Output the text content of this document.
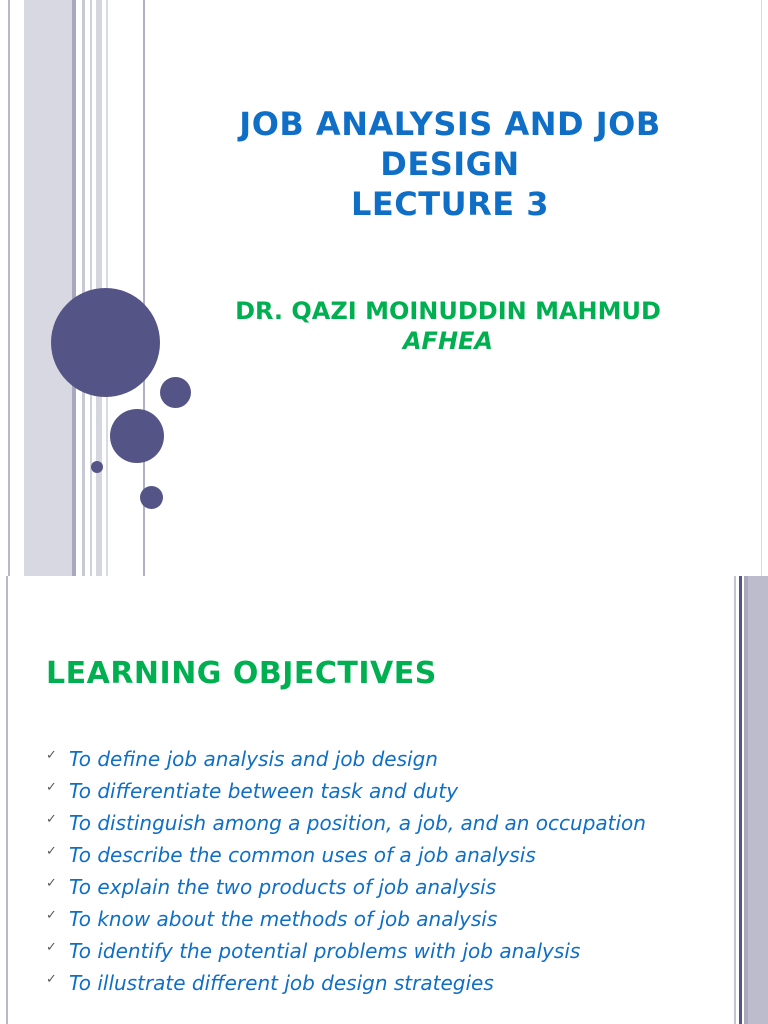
JOB ANALYSIS AND JOB
DESIGN
LECTURE 3
DR. QAZI MOINUDDIN MAHMUD
AFHEA
LEARNING OBJECTIVES
✓ To define job analysis and job design
✓ To differentiate between task and duty
✓ To distinguish among a position, a job, and an occupation
✓ To describe the common uses of a job analysis
✓ To explain the two products of job analysis
✓ To know about the methods of job analysis
✓ To identify the potential problems with job analysis
✓ To illustrate different job design strategies
